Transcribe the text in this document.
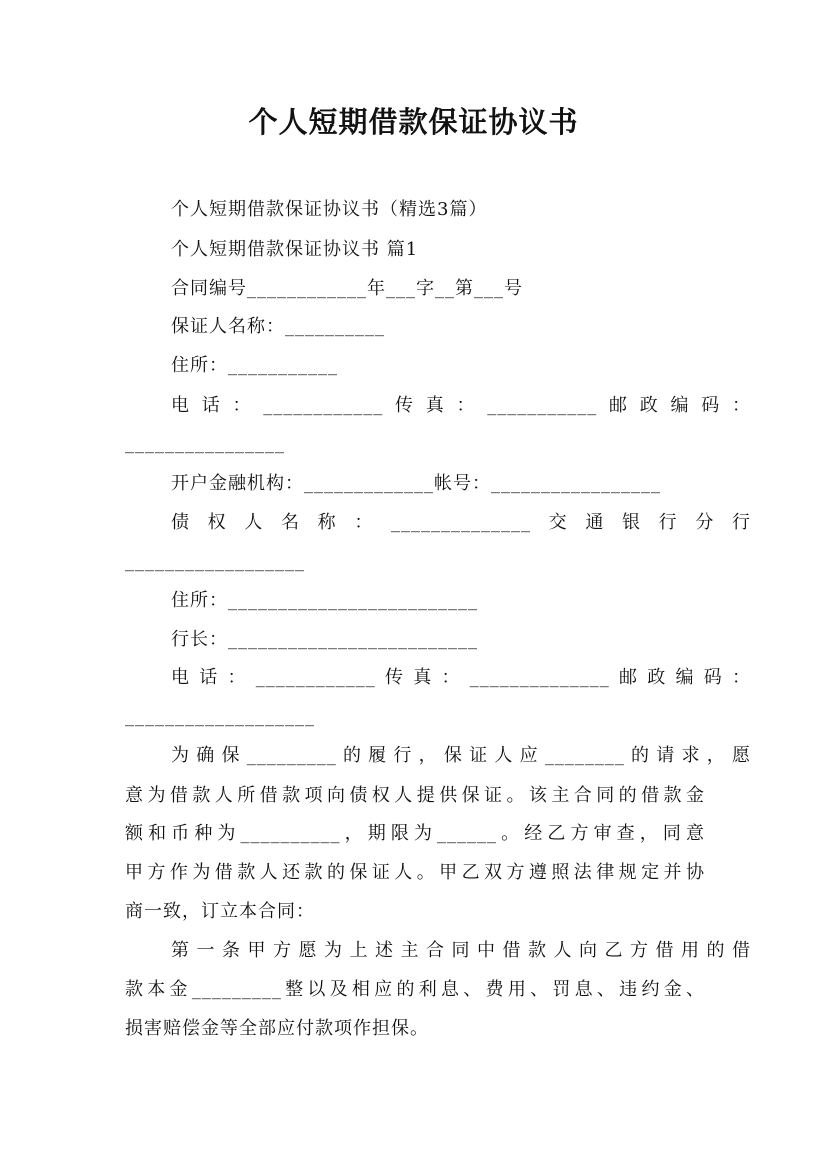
个人短期借款保证协议书
个人短期借款保证协议书（精选3篇）
个人短期借款保证协议书 篇1
合同编号____________年___字__第___号
保证人名称：__________
住所：___________
电话：____________传真：___________邮政编码：
________________
开户金融机构：_____________帐号：_________________
债权人名称：______________交通银行分行
__________________
住所：_________________________
行长：_________________________
电话：____________传真：______________邮政编码：
___________________
为确保_________的履行，保证人应________的请求，愿
意为借款人所借款项向债权人提供保证。该主合同的借款金
额和币种为__________，期限为______。经乙方审查，同意
甲方作为借款人还款的保证人。甲乙双方遵照法律规定并协
商一致，订立本合同：
第一条甲方愿为上述主合同中借款人向乙方借用的借
款本金_________整以及相应的利息、费用、罚息、违约金、
损害赔偿金等全部应付款项作担保。
